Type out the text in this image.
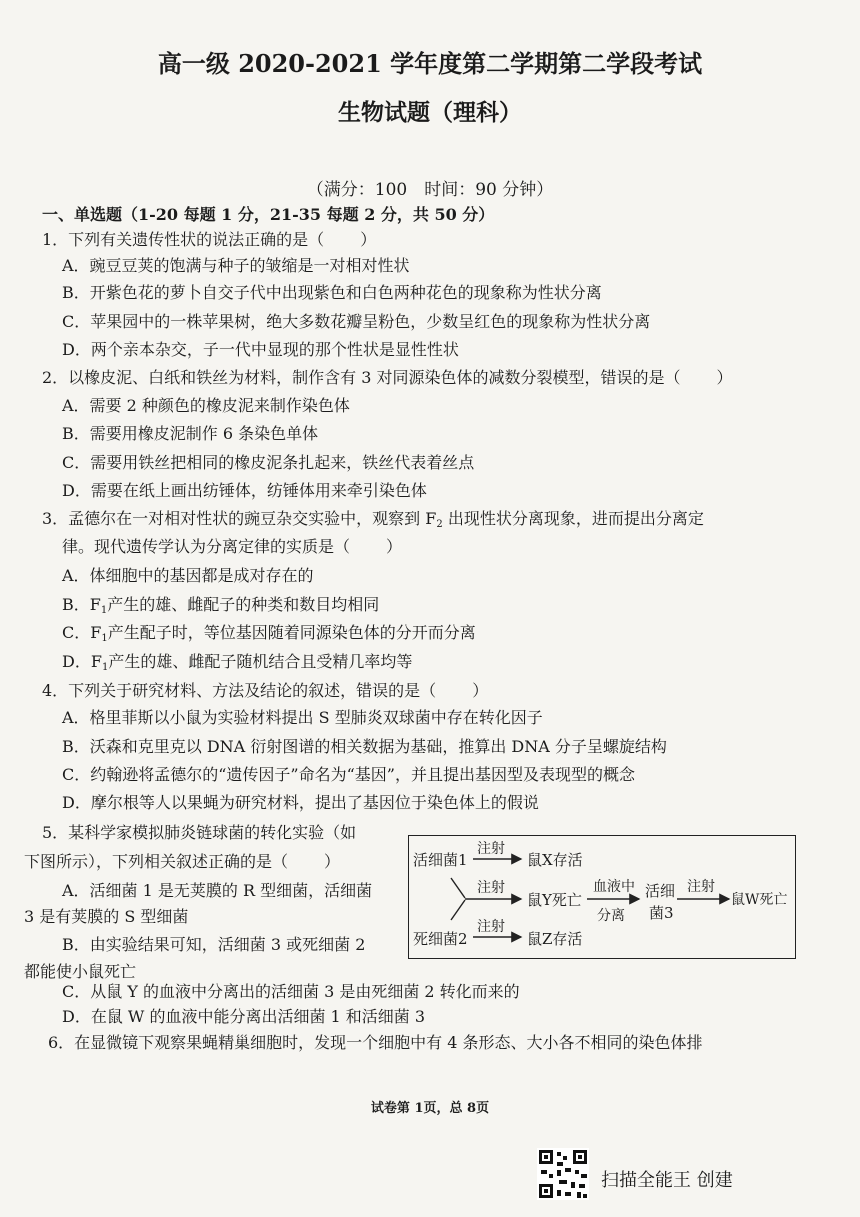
高一级 2020-2021 学年度第二学期第二学段考试
生物试题（理科）
（满分：100　时间：90 分钟）
一、单选题（1-20 每题 1 分，21-35 每题 2 分，共 50 分）
1．下列有关遗传性状的说法正确的是（ ）
A．豌豆豆荚的饱满与种子的皱缩是一对相对性状
B．开紫色花的萝卜自交子代中出现紫色和白色两种花色的现象称为性状分离
C．苹果园中的一株苹果树，绝大多数花瓣呈粉色，少数呈红色的现象称为性状分离
D．两个亲本杂交，子一代中显现的那个性状是显性性状
2．以橡皮泥、白纸和铁丝为材料，制作含有 3 对同源染色体的减数分裂模型，错误的是（ ）
A．需要 2 种颜色的橡皮泥来制作染色体
B．需要用橡皮泥制作 6 条染色单体
C．需要用铁丝把相同的橡皮泥条扎起来，铁丝代表着丝点
D．需要在纸上画出纺锤体，纺锤体用来牵引染色体
3．孟德尔在一对相对性状的豌豆杂交实验中，观察到 $F_2$ 出现性状分离现象，进而提出分离定
律。现代遗传学认为分离定律的实质是（ ）
A．体细胞中的基因都是成对存在的
B．$F_1$产生的雄、雌配子的种类和数目均相同
C．$F_1$产生配子时，等位基因随着同源染色体的分开而分离
D．$F_1$产生的雄、雌配子随机结合且受精几率均等
4．下列关于研究材料、方法及结论的叙述，错误的是（ ）
A．格里菲斯以小鼠为实验材料提出 S 型肺炎双球菌中存在转化因子
B．沃森和克里克以 DNA 衍射图谱的相关数据为基础，推算出 DNA 分子呈螺旋结构
C．约翰逊将孟德尔的“遗传因子”命名为“基因”，并且提出基因型及表现型的概念
D．摩尔根等人以果蝇为研究材料，提出了基因位于染色体上的假说
5．某科学家模拟肺炎链球菌的转化实验（如
下图所示），下列相关叙述正确的是（ ）
A．活细菌 1 是无荚膜的 R 型细菌，活细菌
3 是有荚膜的 S 型细菌
B．由实验结果可知，活细菌 3 或死细菌 2
都能使小鼠死亡
C．从鼠 Y 的血液中分离出的活细菌 3 是由死细菌 2 转化而来的
D．在鼠 W 的血液中能分离出活细菌 1 和活细菌 3
活细菌1
注射
鼠X存活
注射
鼠Y死亡
血液中
分离
活细
菌3
注射
鼠W死亡
死细菌2
注射
鼠Z存活
6．在显微镜下观察果蝇精巢细胞时，发现一个细胞中有 4 条形态、大小各不相同的染色体排
试卷第 1页，总 8页
扫描全能王 创建
